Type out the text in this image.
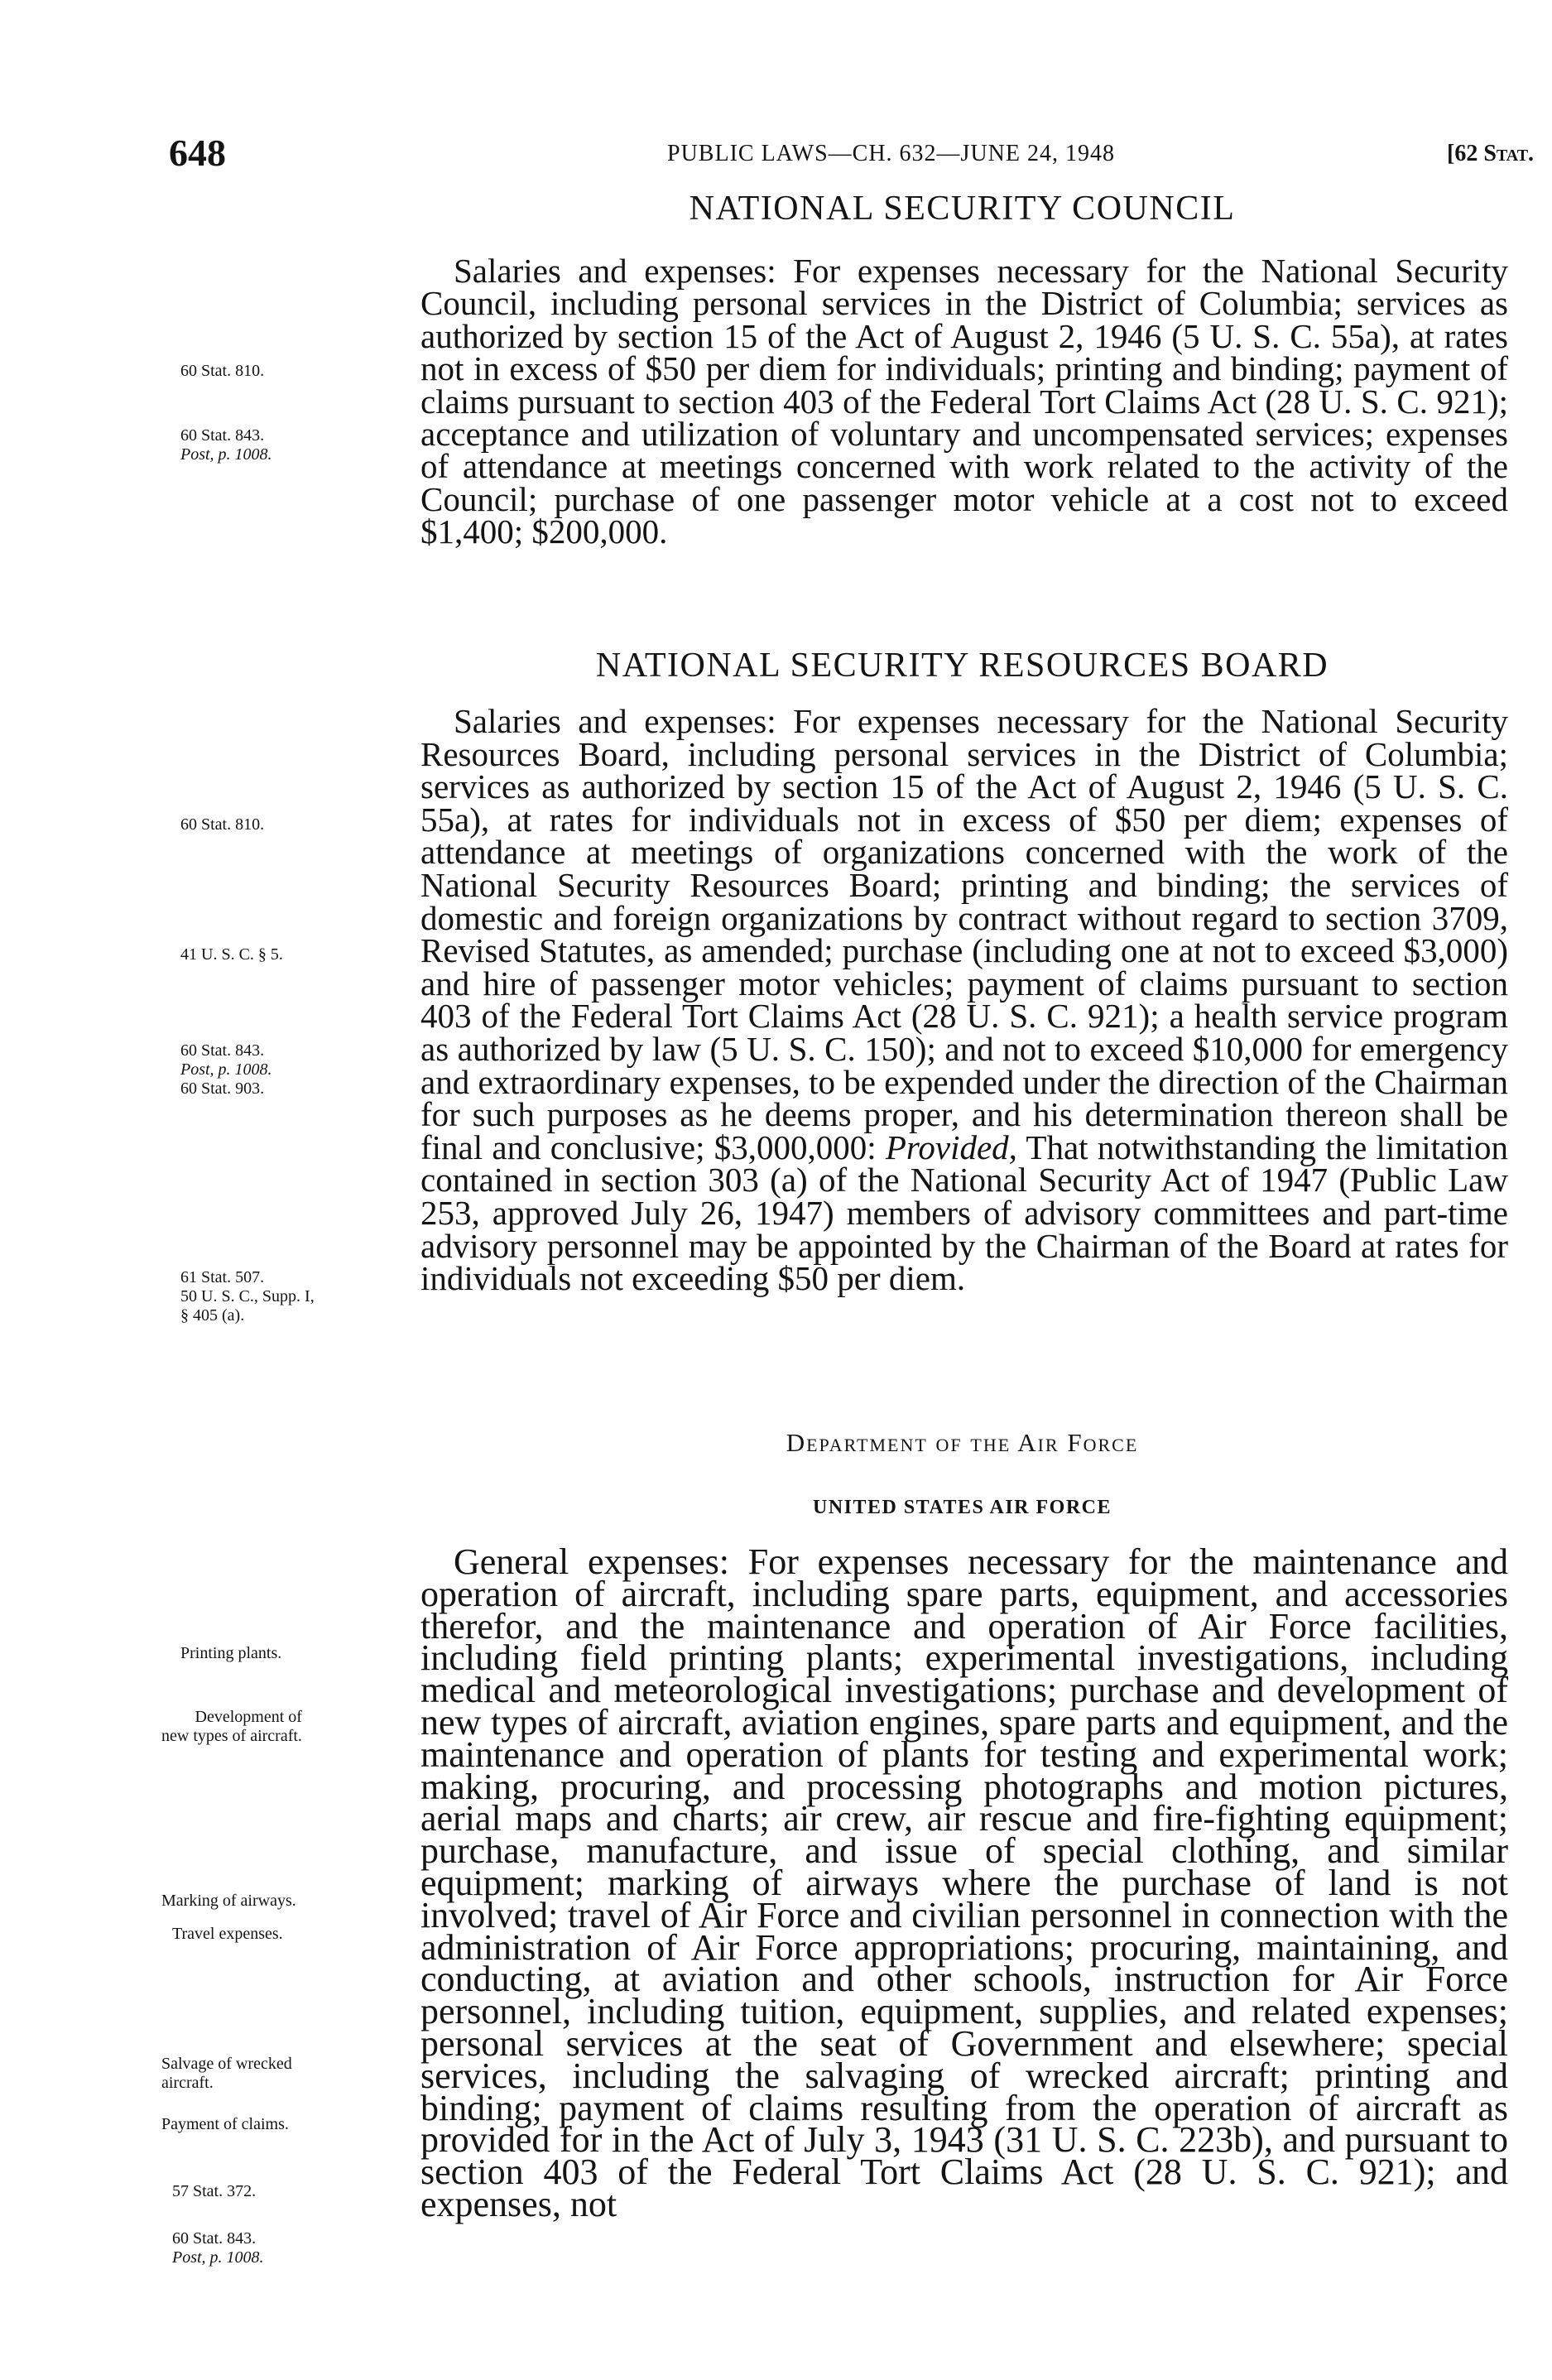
648	PUBLIC LAWS—CH. 632—JUNE 24, 1948	[62 Stat.
NATIONAL SECURITY COUNCIL

Salaries and expenses: For expenses necessary for the National Security Council, including personal services in the District of Columbia; services as authorized by section 15 of the Act of August 2, 1946 (5 U. S. C. 55a), at rates not in excess of $50 per diem for individuals; printing and binding; payment of claims pursuant to section 403 of the Federal Tort Claims Act (28 U. S. C. 921); acceptance and utilization of voluntary and uncompensated services; expenses of attendance at meetings concerned with work related to the activity of the Council; purchase of one passenger motor vehicle at a cost not to exceed $1,400; $200,000.

NATIONAL SECURITY RESOURCES BOARD

Salaries and expenses: For expenses necessary for the National Security Resources Board, including personal services in the District of Columbia; services as authorized by section 15 of the Act of August 2, 1946 (5 U. S. C. 55a), at rates for individuals not in excess of $50 per diem; expenses of attendance at meetings of organizations concerned with the work of the National Security Resources Board; printing and binding; the services of domestic and foreign organizations by contract without regard to section 3709, Revised Statutes, as amended; purchase (including one at not to exceed $3,000) and hire of passenger motor vehicles; payment of claims pursuant to section 403 of the Federal Tort Claims Act (28 U. S. C. 921); a health service program as authorized by law (5 U. S. C. 150); and not to exceed $10,000 for emergency and extraordinary expenses, to be expended under the direction of the Chairman for such purposes as he deems proper, and his determination thereon shall be final and conclusive; $3,000,000: Provided, That notwithstanding the limitation contained in section 303 (a) of the National Security Act of 1947 (Public Law 253, approved July 26, 1947) members of advisory committees and part-time advisory personnel may be appointed by the Chairman of the Board at rates for individuals not exceeding $50 per diem.

Department of the Air Force
UNITED STATES AIR FORCE

General expenses: For expenses necessary for the maintenance and operation of aircraft, including spare parts, equipment, and accessories therefor, and the maintenance and operation of Air Force facilities, including field printing plants; experimental investigations, including medical and meteorological investigations; purchase and development of new types of aircraft, aviation engines, spare parts and equipment, and the maintenance and operation of plants for testing and experimental work; making, procuring, and processing photographs and motion pictures, aerial maps and charts; air crew, air rescue and fire-fighting equipment; purchase, manufacture, and issue of special clothing, and similar equipment; marking of airways where the purchase of land is not involved; travel of Air Force and civilian personnel in connection with the administration of Air Force appropriations; procuring, maintaining, and conducting, at aviation and other schools, instruction for Air Force personnel, including tuition, equipment, supplies, and related expenses; personal services at the seat of Government and elsewhere; special services, including the salvaging of wrecked aircraft; printing and binding; payment of claims resulting from the operation of aircraft as provided for in the Act of July 3, 1943 (31 U. S. C. 223b), and pursuant to section 403 of the Federal Tort Claims Act (28 U. S. C. 921); and expenses, not

60 Stat. 810.
60 Stat. 843.
Post, p. 1008.
60 Stat. 810.
41 U. S. C. § 5.
60 Stat. 843.
Post, p. 1008.
60 Stat. 903.
61 Stat. 507.
50 U. S. C., Supp. I,
§ 405 (a).
Printing plants.
Development of
new types of aircraft.
Marking of airways.
Travel expenses.
Salvage of wrecked
aircraft.
Payment of claims.
57 Stat. 372.
60 Stat. 843.
Post, p. 1008.
